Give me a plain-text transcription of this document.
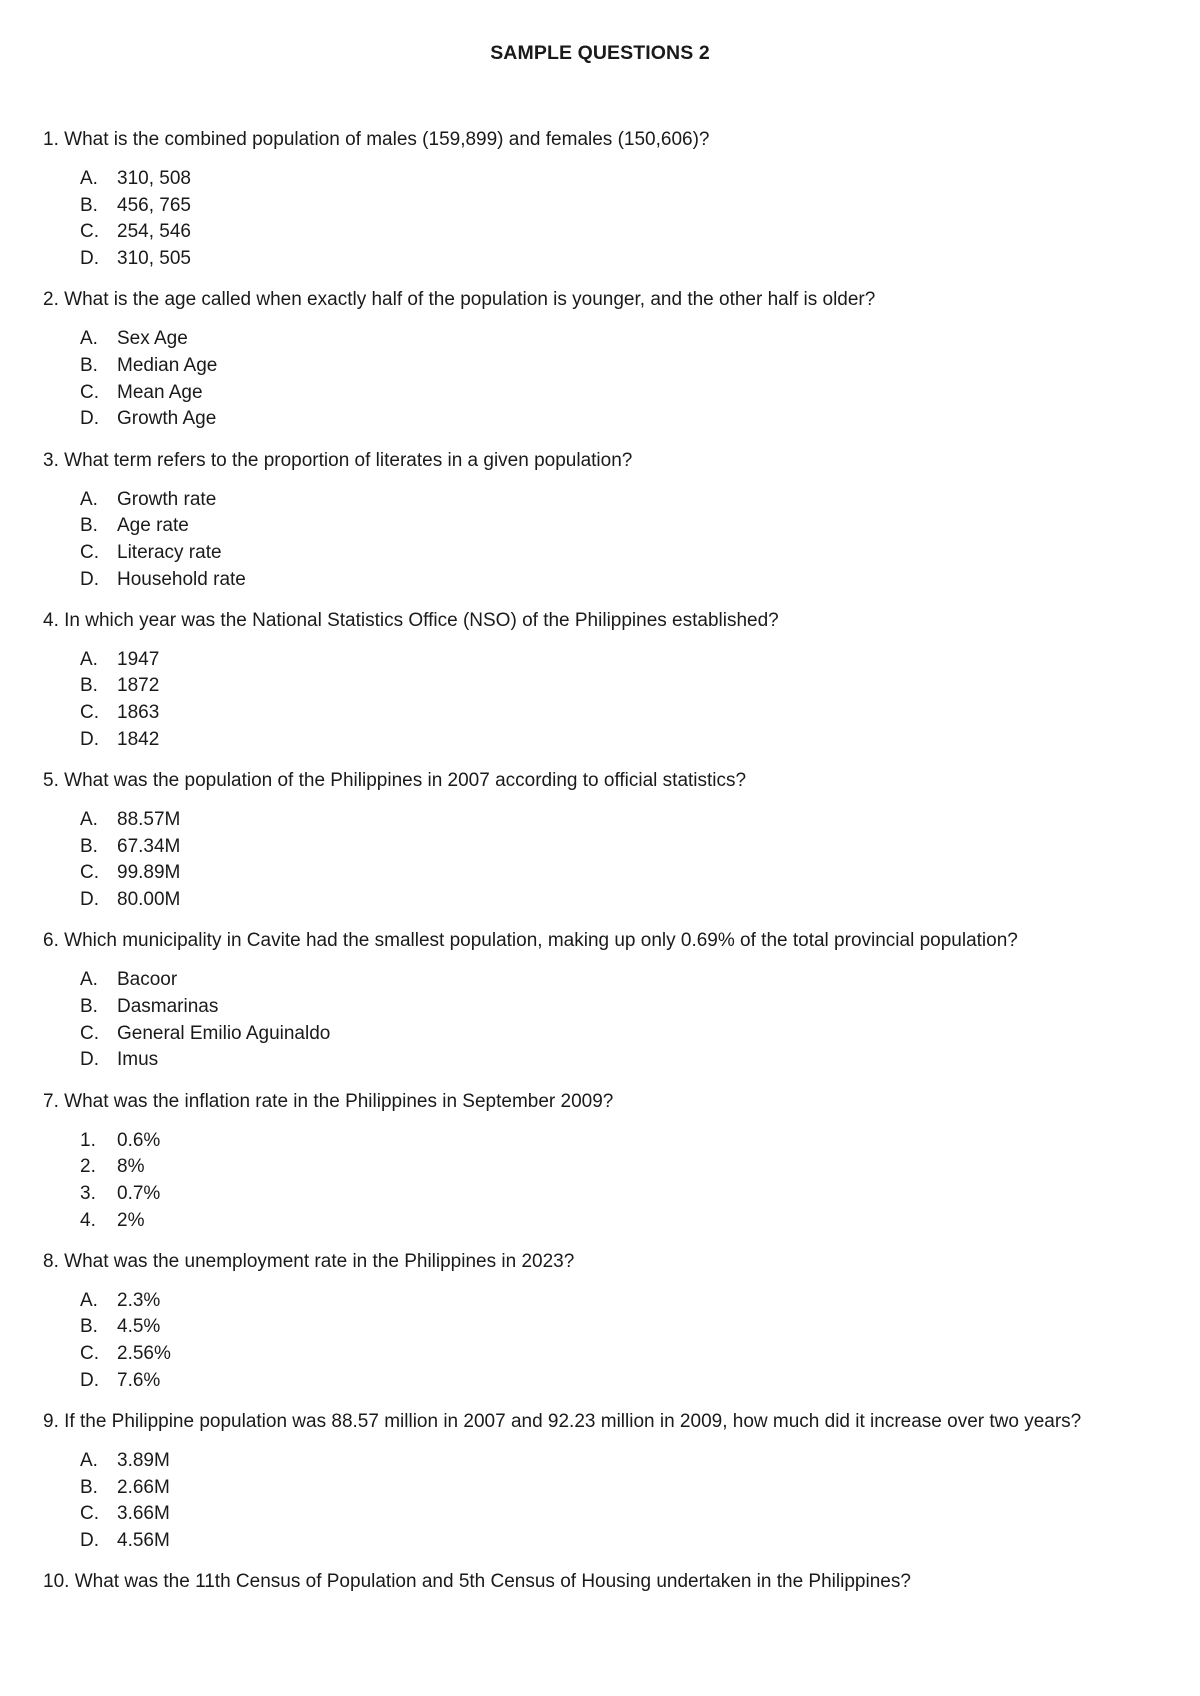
SAMPLE QUESTIONS 2

1. What is the combined population of males (159,899) and females (150,606)?

A.	310, 508
B.	456, 765
C. 254, 546
D. 310, 505

2. What is the age called when exactly half of the population is younger, and the other half is older?

A.	Sex Age
B.	Median Age
C. Mean Age
D. Growth Age

3. What term refers to the proportion of literates in a given population?

A.	Growth rate
B.	Age rate
C. Literacy rate
D. Household rate

4. In which year was the National Statistics Office (NSO) of the Philippines established?

A.	1947
B.	1872
C. 1863
D. 1842

5. What was the population of the Philippines in 2007 according to official statistics?

A.	88.57M
B.	67.34M
C. 99.89M
D. 80.00M

6. Which municipality in Cavite had the smallest population, making up only 0.69% of the total provincial population?

A.	Bacoor
B.	Dasmarinas
C. General Emilio Aguinaldo
D. Imus

7. What was the inflation rate in the Philippines in September 2009?

1.	0.6%
2.	8%
3.	0.7%
4.	2%

8. What was the unemployment rate in the Philippines in 2023?

A.	2.3%
B.	4.5%
C. 2.56%
D. 7.6%

9. If the Philippine population was 88.57 million in 2007 and 92.23 million in 2009, how much did it increase over two years?

A.	3.89M
B.	2.66M
C. 3.66M
D. 4.56M

10. What was the 11th Census of Population and 5th Census of Housing undertaken in the Philippines?
